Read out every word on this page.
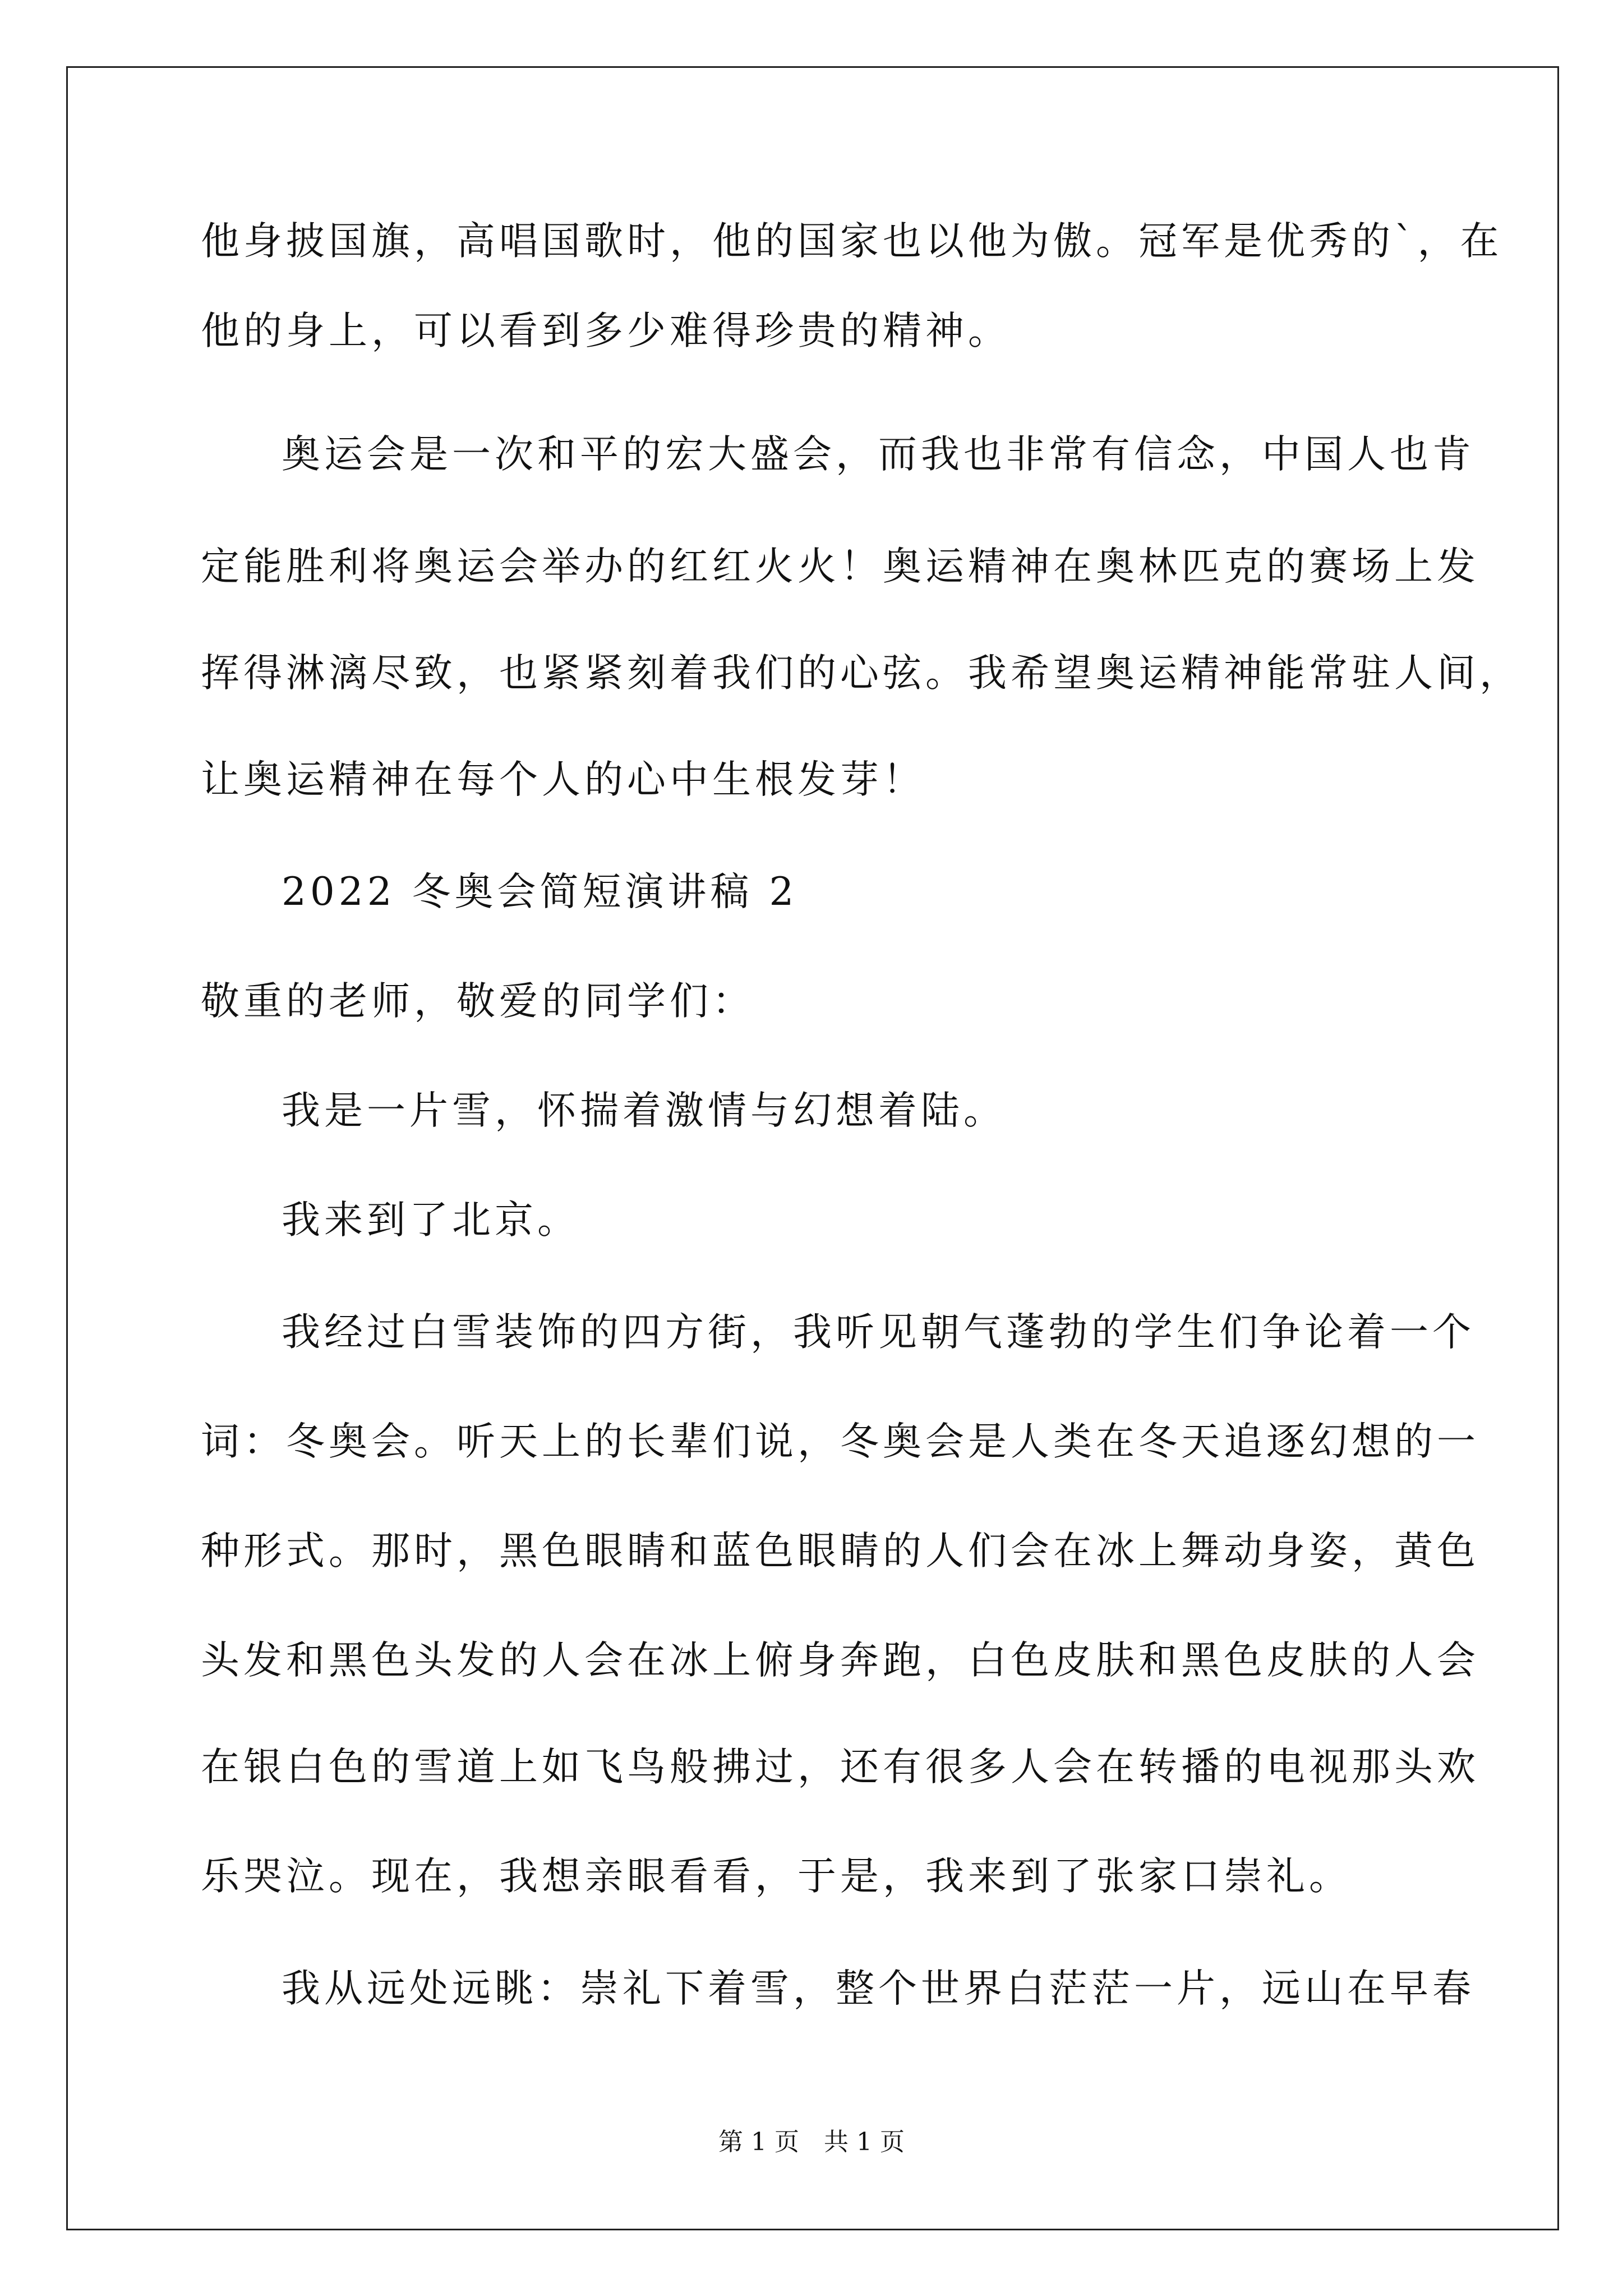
他身披国旗，高唱国歌时，他的国家也以他为傲。冠军是优秀的`，在
他的身上，可以看到多少难得珍贵的精神。
奥运会是一次和平的宏大盛会，而我也非常有信念，中国人也肯
定能胜利将奥运会举办的红红火火！奥运精神在奥林匹克的赛场上发
挥得淋漓尽致，也紧紧刻着我们的心弦。我希望奥运精神能常驻人间，
让奥运精神在每个人的心中生根发芽！
2022 冬奥会简短演讲稿 2
敬重的老师，敬爱的同学们：
我是一片雪，怀揣着激情与幻想着陆。
我来到了北京。
我经过白雪装饰的四方街，我听见朝气蓬勃的学生们争论着一个
词：冬奥会。听天上的长辈们说，冬奥会是人类在冬天追逐幻想的一
种形式。那时，黑色眼睛和蓝色眼睛的人们会在冰上舞动身姿，黄色
头发和黑色头发的人会在冰上俯身奔跑，白色皮肤和黑色皮肤的人会
在银白色的雪道上如飞鸟般拂过，还有很多人会在转播的电视那头欢
乐哭泣。现在，我想亲眼看看，于是，我来到了张家口崇礼。
我从远处远眺：崇礼下着雪，整个世界白茫茫一片，远山在早春
第 1 页　共 1 页
